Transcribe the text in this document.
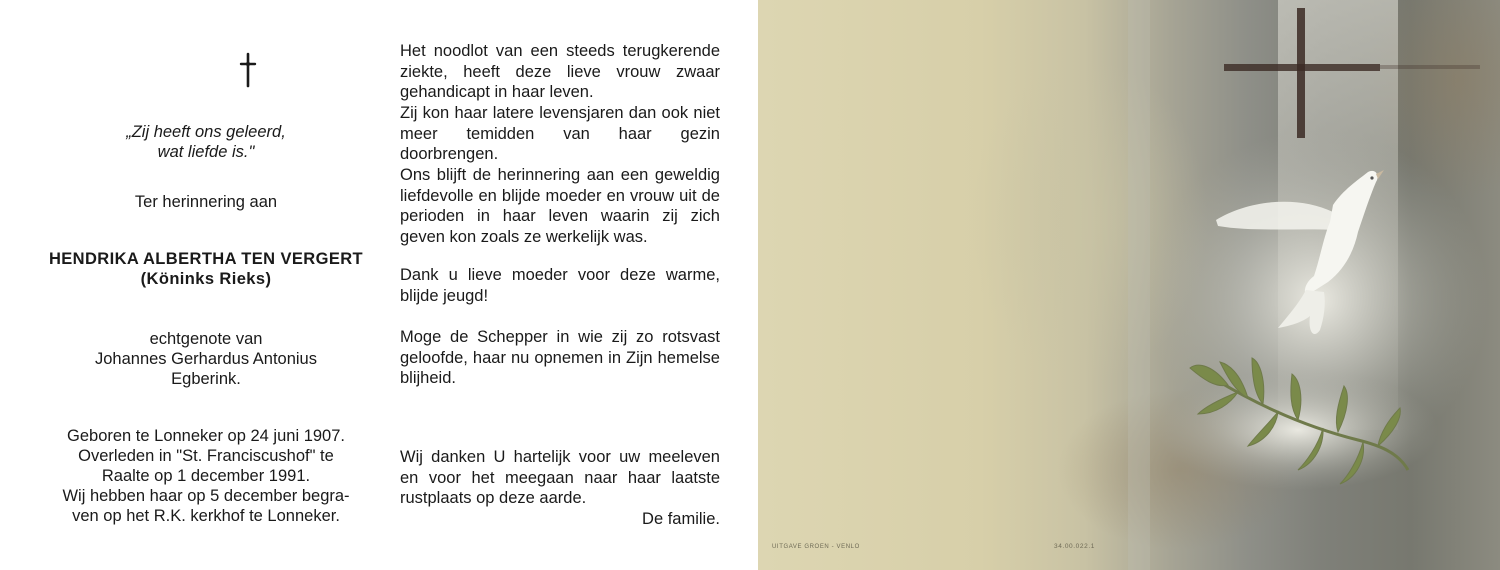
„Zij heeft ons geleerd,
wat liefde is."
Ter herinnering aan
HENDRIKA ALBERTHA TEN VERGERT
(Köninks Rieks)
echtgenote van
Johannes Gerhardus Antonius
Egberink.
Geboren te Lonneker op 24 juni 1907.
Overleden in "St. Franciscushof" te
Raalte op 1 december 1991.
Wij hebben haar op 5 december begra-
ven op het R.K. kerkhof te Lonneker.

Het noodlot van een steeds terugkerende ziekte, heeft deze lieve vrouw zwaar gehandicapt in haar leven.

Zij kon haar latere levensjaren dan ook niet meer temidden van haar gezin doorbrengen.

Ons blijft de herinnering aan een geweldig liefdevolle en blijde moeder en vrouw uit de perioden in haar leven waarin zij zich geven kon zoals ze werkelijk was.

Dank u lieve moeder voor deze warme, blijde jeugd!

Moge de Schepper in wie zij zo rotsvast geloofde, haar nu opnemen in Zijn hemelse blijheid.

Wij danken U hartelijk voor uw meeleven en voor het meegaan naar haar laatste rustplaats op deze aarde.

De familie.
UITGAVE GROEN - VENLO	34.00.022.1
